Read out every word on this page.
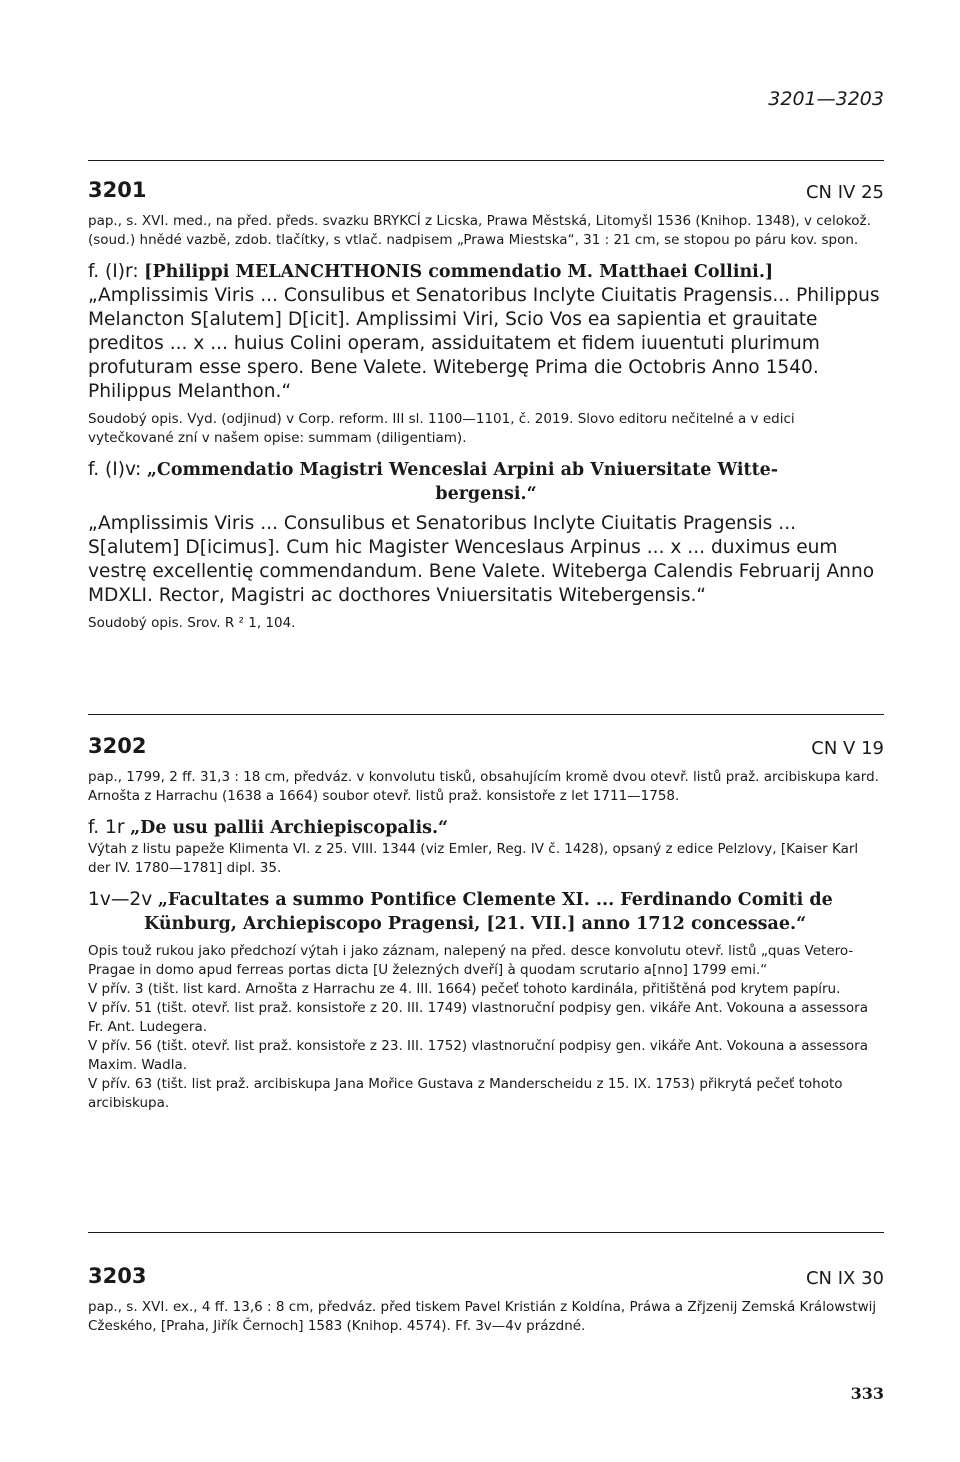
3201—3203
3201	CN IV 25

pap., s. XVI. med., na před. předs. svazku BRYKCÍ z Licska, Prawa Městská, Litomyšl 1536 (Knihop. 1348), v celokož. (soud.) hnědé vazbě, zdob. tlačítky, s vtlač. nadpisem „Prawa Miestska“, 31 : 21 cm, se stopou po páru kov. spon.

f. (I)r: [Philippi MELANCHTHONIS commendatio M. Matthaei Collini.]

„Amplissimis Viris ... Consulibus et Senatoribus Inclyte Ciuitatis Pragensis... Philippus Melancton S[alutem] D[icit]. Amplissimi Viri, Scio Vos ea sapientia et grauitate preditos ... x ... huius Colini operam, assiduitatem et fidem iuuentuti plurimum profuturam esse spero. Bene Valete. Witebergę Prima die Octobris Anno 1540. Philippus Melanthon.“

Soudobý opis. Vyd. (odjinud) v Corp. reform. III sl. 1100—1101, č. 2019. Slovo editoru nečitelné a v edici vytečkované zní v našem opise: summam (diligentiam).

f. (I)v: „Commendatio Magistri Wenceslai Arpini ab Vniuersitate Witte-
bergensi.“

„Amplissimis Viris ... Consulibus et Senatoribus Inclyte Ciuitatis Pragensis ... S[alutem] D[icimus]. Cum hic Magister Wenceslaus Arpinus ... x ... duximus eum vestrę excellentię commendandum. Bene Valete. Witeberga Calendis Februarij Anno MDXLI. Rector, Magistri ac docthores Vniuersitatis Witebergensis.“

Soudobý opis. Srov. R ² 1, 104.

3202	CN V 19

pap., 1799, 2 ff. 31,3 : 18 cm, předváz. v konvolutu tisků, obsahujícím kromě dvou otevř. listů praž. arcibiskupa kard. Arnošta z Harrachu (1638 a 1664) soubor otevř. listů praž. konsistoře z let 1711—1758.

f. 1r „De usu pallii Archiepiscopalis.“

Výtah z listu papeže Klimenta VI. z 25. VIII. 1344 (viz Emler, Reg. IV č. 1428), opsaný z edice Pelzlovy, [Kaiser Karl der IV. 1780—1781] dipl. 35.

1v—2v „Facultates a summo Pontifice Clemente XI. ... Ferdinando Comiti de Künburg, Archiepiscopo Pragensi, [21. VII.] anno 1712 concessae.“

Opis touž rukou jako předchozí výtah i jako záznam, nalepený na před. desce konvolutu otevř. listů „quas Vetero-Pragae in domo apud ferreas portas dicta [U železných dveří] à quodam scrutario a[nno] 1799 emi.“

V přív. 3 (tišt. list kard. Arnošta z Harrachu ze 4. III. 1664) pečeť tohoto kardinála, přitištěná pod krytem papíru.

V přív. 51 (tišt. otevř. list praž. konsistoře z 20. III. 1749) vlastnoruční podpisy gen. vikáře Ant. Vokouna a assessora Fr. Ant. Ludegera.

V přív. 56 (tišt. otevř. list praž. konsistoře z 23. III. 1752) vlastnoruční podpisy gen. vikáře Ant. Vokouna a assessora Maxim. Wadla.

V přív. 63 (tišt. list praž. arcibiskupa Jana Mořice Gustava z Manderscheidu z 15. IX. 1753) přikrytá pečeť tohoto arcibiskupa.

3203	CN IX 30

pap., s. XVI. ex., 4 ff. 13,6 : 8 cm, předváz. před tiskem Pavel Kristián z Koldína, Práwa a Zřjzenij Zemská Králowstwij Cžeského, [Praha, Jiřík Černoch] 1583 (Knihop. 4574). Ff. 3v—4v prázdné.

333
